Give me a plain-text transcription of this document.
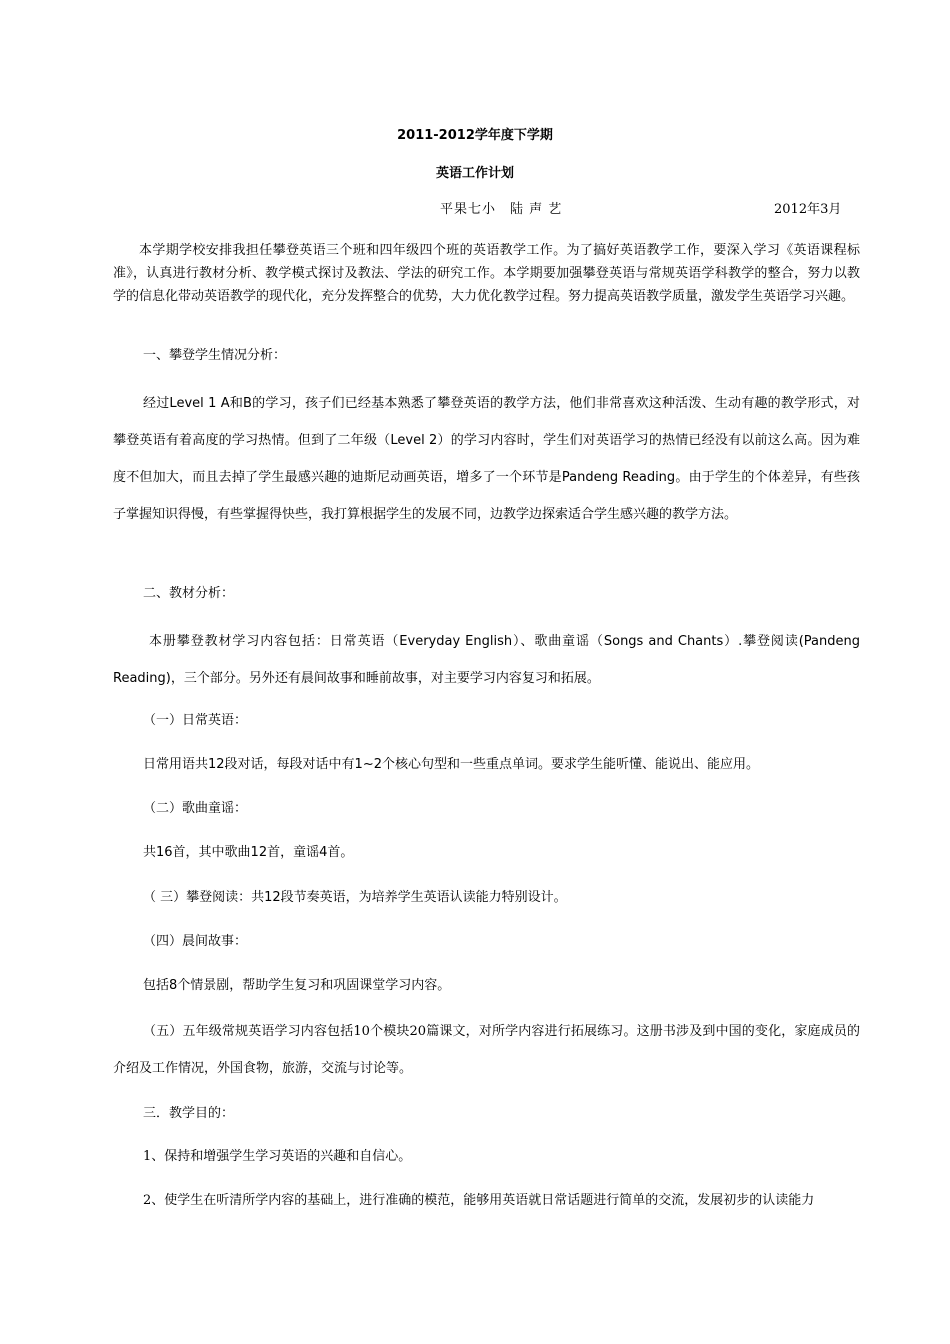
2011-2012学年度下学期
英语工作计划
平果七小　陆 声 艺	2012年3月
本学期学校安排我担任攀登英语三个班和四年级四个班的英语教学工作。为了搞好英语教学工作，要深入学习《英语课程标准》，认真进行教材分析、教学模式探讨及教法、学法的研究工作。本学期要加强攀登英语与常规英语学科教学的整合，努力以教学的信息化带动英语教学的现代化，充分发挥整合的优势，大力优化教学过程。努力提高英语教学质量，激发学生英语学习兴趣。
一、攀登学生情况分析：
经过Level 1 A和B的学习，孩子们已经基本熟悉了攀登英语的教学方法，他们非常喜欢这种活泼、生动有趣的教学形式，对攀登英语有着高度的学习热情。但到了二年级（Level 2）的学习内容时，学生们对英语学习的热情已经没有以前这么高。因为难度不但加大，而且去掉了学生最感兴趣的迪斯尼动画英语，增多了一个环节是Pandeng Reading。由于学生的个体差异，有些孩子掌握知识得慢，有些掌握得快些，我打算根据学生的发展不同，边教学边探索适合学生感兴趣的教学方法。
二、教材分析：
本册攀登教材学习内容包括：日常英语（Everyday English）、歌曲童谣（Songs and Chants）.攀登阅读(Pandeng Reading)，三个部分。另外还有晨间故事和睡前故事，对主要学习内容复习和拓展。
（一）日常英语：
日常用语共12段对话，每段对话中有1~2个核心句型和一些重点单词。要求学生能听懂、能说出、能应用。
（二）歌曲童谣：
共16首，其中歌曲12首，童谣4首。
（ 三）攀登阅读：共12段节奏英语，为培养学生英语认读能力特别设计。
（四）晨间故事：
包括8个情景剧，帮助学生复习和巩固课堂学习内容。
（五）五年级常规英语学习内容包括10个模块20篇课文，对所学内容进行拓展练习。这册书涉及到中国的变化，家庭成员的介绍及工作情况，外国食物，旅游，交流与讨论等。
三．教学目的：
1、保持和增强学生学习英语的兴趣和自信心。
2、使学生在听清所学内容的基础上，进行准确的模范，能够用英语就日常话题进行简单的交流，发展初步的认读能力
